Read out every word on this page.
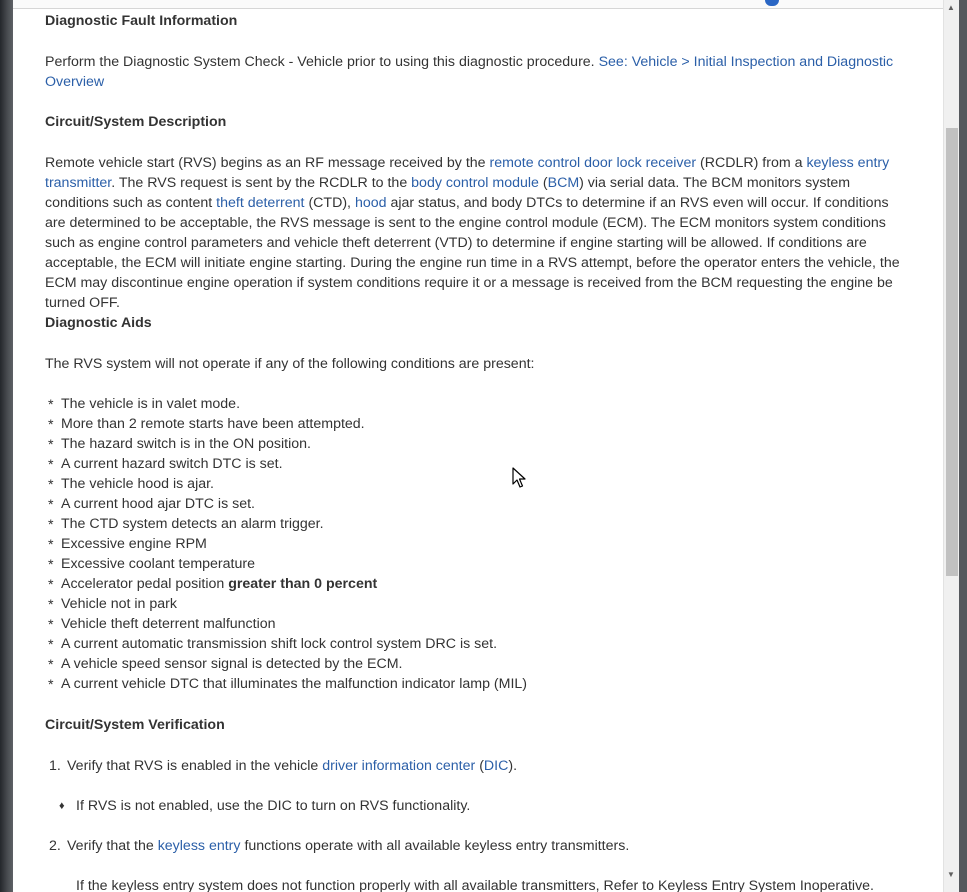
Diagnostic Fault Information

Perform the Diagnostic System Check - Vehicle prior to using this diagnostic procedure. See: Vehicle > Initial Inspection and Diagnostic Overview

Circuit/System Description

Remote vehicle start (RVS) begins as an RF message received by the remote control door lock receiver (RCDLR) from a keyless entry transmitter. The RVS request is sent by the RCDLR to the body control module (BCM) via serial data. The BCM monitors system conditions such as content theft deterrent (CTD), hood ajar status, and body DTCs to determine if an RVS even will occur. If conditions are determined to be acceptable, the RVS message is sent to the engine control module (ECM). The ECM monitors system conditions such as engine control parameters and vehicle theft deterrent (VTD) to determine if engine starting will be allowed. If conditions are acceptable, the ECM will initiate engine starting. During the engine run time in a RVS attempt, before the operator enters the vehicle, the ECM may discontinue engine operation if system conditions require it or a message is received from the BCM requesting the engine be turned OFF.

Diagnostic Aids

The RVS system will not operate if any of the following conditions are present:

* The vehicle is in valet mode.
* More than 2 remote starts have been attempted.
* The hazard switch is in the ON position.
* A current hazard switch DTC is set.
* The vehicle hood is ajar.
* A current hood ajar DTC is set.
* The CTD system detects an alarm trigger.
* Excessive engine RPM
* Excessive coolant temperature
* Accelerator pedal position greater than 0 percent
* Vehicle not in park
* Vehicle theft deterrent malfunction
* A current automatic transmission shift lock control system DRC is set.
* A vehicle speed sensor signal is detected by the ECM.
* A current vehicle DTC that illuminates the malfunction indicator lamp (MIL)
Circuit/System Verification

1. Verify that RVS is enabled in the vehicle driver information center (DIC).

♦ If RVS is not enabled, use the DIC to turn on RVS functionality.

2. Verify that the keyless entry functions operate with all available keyless entry transmitters.

If the keyless entry system does not function properly with all available transmitters, Refer to Keyless Entry System Inoperative.

▲
▼
